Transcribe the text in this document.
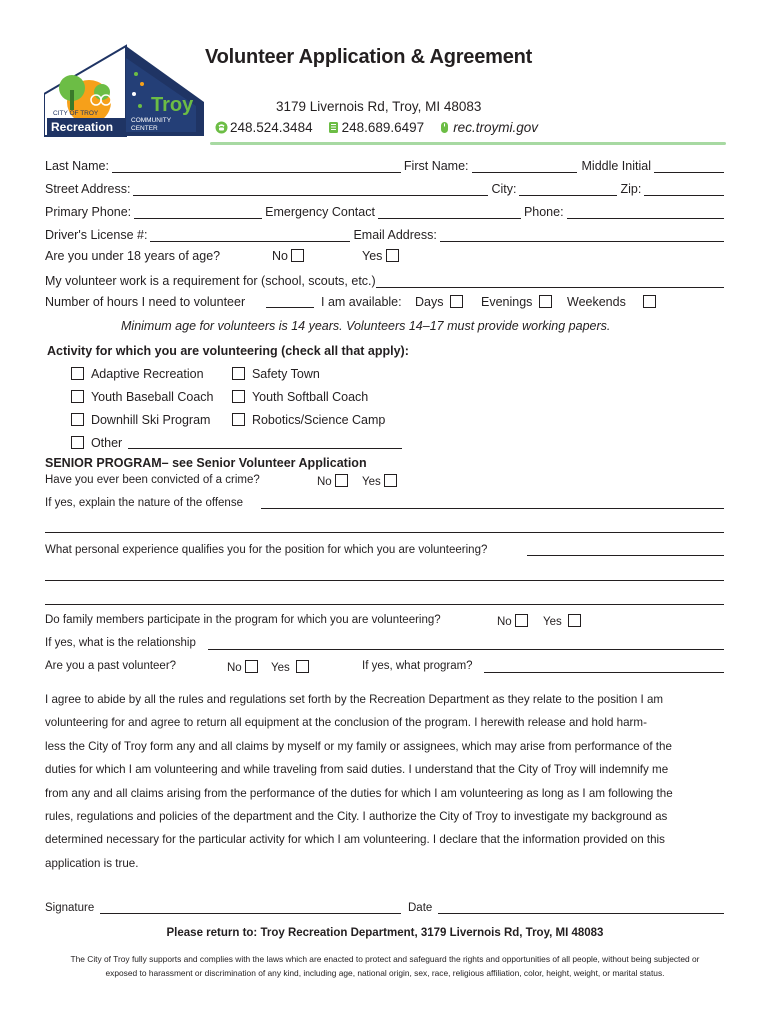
CITY OF TROY
Recreation
Troy
COMMUNITY
CENTER
Volunteer Application & Agreement
3179 Livernois Rd, Troy, MI 48083
248.524.3484 248.689.6497 rec.troymi.gov
Last Name:	First Name:	Middle Initial
Street Address:	City:	Zip:
Primary Phone:	Emergency Contact	Phone:
Driver's License #:	Email Address:
Are you under 18 years of age?	No	Yes
My volunteer work is a requirement for (school, scouts, etc.)
Number of hours I need to volunteer	I am available: Days	Evenings	Weekends
Minimum age for volunteers is 14 years. Volunteers 14–17 must provide working papers.
Activity for which you are volunteering (check all that apply):
Adaptive Recreation	Safety Town
Youth Baseball Coach	Youth Softball Coach
Downhill Ski Program	Robotics/Science Camp
Other
SENIOR PROGRAM– see Senior Volunteer Application
Have you ever been convicted of a crime?	No	Yes
If yes, explain the nature of the offense
What personal experience qualifies you for the position for which you are volunteering?
Do family members participate in the program for which you are volunteering?	No	Yes
If yes, what is the relationship
Are you a past volunteer?	No	Yes	If yes, what program?
I agree to abide by all the rules and regulations set forth by the Recreation Department as they relate to the position I am
volunteering for and agree to return all equipment at the conclusion of the program. I herewith release and hold harm-
less the City of Troy form any and all claims by myself or my family or assignees, which may arise from performance of the
duties for which I am volunteering and while traveling from said duties. I understand that the City of Troy will indemnify me
from any and all claims arising from the performance of the duties for which I am volunteering as long as I am following the
rules, regulations and policies of the department and the City. I authorize the City of Troy to investigate my background as
determined necessary for the particular activity for which I am volunteering. I declare that the information provided on this
application is true.
Signature	Date
Please return to: Troy Recreation Department, 3179 Livernois Rd, Troy, MI 48083
The City of Troy fully supports and complies with the laws which are enacted to protect and safeguard the rights and opportunities of all people, without being subjected or
exposed to harassment or discrimination of any kind, including age, national origin, sex, race, religious affiliation, color, height, weight, or marital status.
